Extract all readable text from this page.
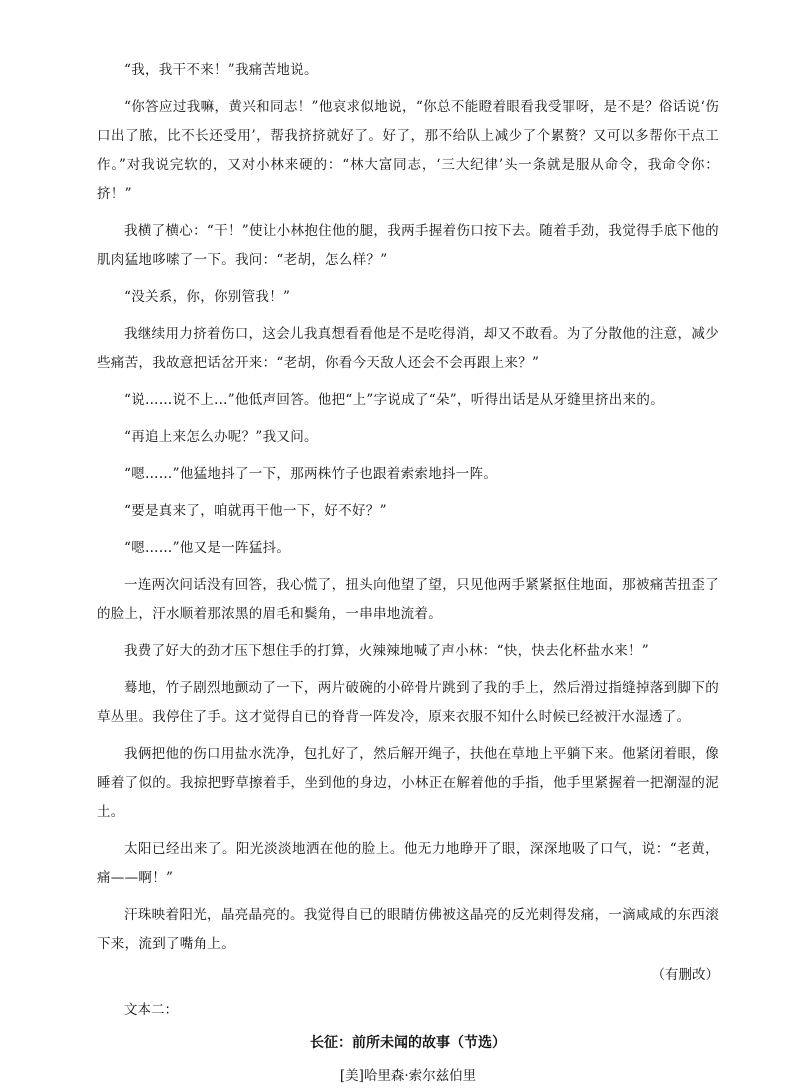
“我，我干不来！”我痛苦地说。

“你答应过我嘛，黄兴和同志！”他哀求似地说，“你总不能瞪着眼看我受罪呀，是不是？俗话说‘伤口出了脓，比不长还受用’，帮我挤挤就好了。好了，那不给队上减少了个累赘？又可以多帮你干点工作。”对我说完软的，又对小林来硬的：“林大富同志，‘三大纪律’头一条就是服从命令，我命令你：挤！”

我横了横心：“干！”使让小林抱住他的腿，我两手握着伤口按下去。随着手劲，我觉得手底下他的肌肉猛地哆嗦了一下。我问：“老胡，怎么样？”

“没关系，你，你别管我！”

我继续用力挤着伤口，这会儿我真想看看他是不是吃得消，却又不敢看。为了分散他的注意，减少些痛苦，我故意把话岔开来：“老胡，你看今天敌人还会不会再跟上来？”

“说……说不上…”他低声回答。他把“上”字说成了“朵”，听得出话是从牙缝里挤出来的。

“再追上来怎么办呢？”我又问。

“嗯……”他猛地抖了一下，那两株竹子也跟着索索地抖一阵。

“要是真来了，咱就再干他一下，好不好？”

“嗯……”他又是一阵猛抖。

一连两次问话没有回答，我心慌了，扭头向他望了望，只见他两手紧紧抠住地面，那被痛苦扭歪了的脸上，汗水顺着那浓黑的眉毛和鬓角，一串串地流着。

我费了好大的劲才压下想住手的打算，火辣辣地喊了声小林：“快，快去化杯盐水来！”

蓦地，竹子剧烈地颤动了一下，两片破碗的小碎骨片跳到了我的手上，然后滑过指缝掉落到脚下的草丛里。我停住了手。这才觉得自已的脊背一阵发冷，原来衣服不知什么时候已经被汗水湿透了。

我俩把他的伤口用盐水洗净，包扎好了，然后解开绳子，扶他在草地上平躺下来。他紧闭着眼，像睡着了似的。我掠把野草擦着手，坐到他的身边，小林正在解着他的手指，他手里紧握着一把潮湿的泥土。

太阳已经出来了。阳光淡淡地洒在他的脸上。他无力地睁开了眼，深深地吸了口气，说：“老黄，痛——啊！”

汗珠映着阳光，晶亮晶亮的。我觉得自已的眼睛仿佛被这晶亮的反光刺得发痛，一滴咸咸的东西滚下来，流到了嘴角上。

（有删改）

文本二：

长征：前所未闻的故事（节选）

[美]哈里森·索尔兹伯里
